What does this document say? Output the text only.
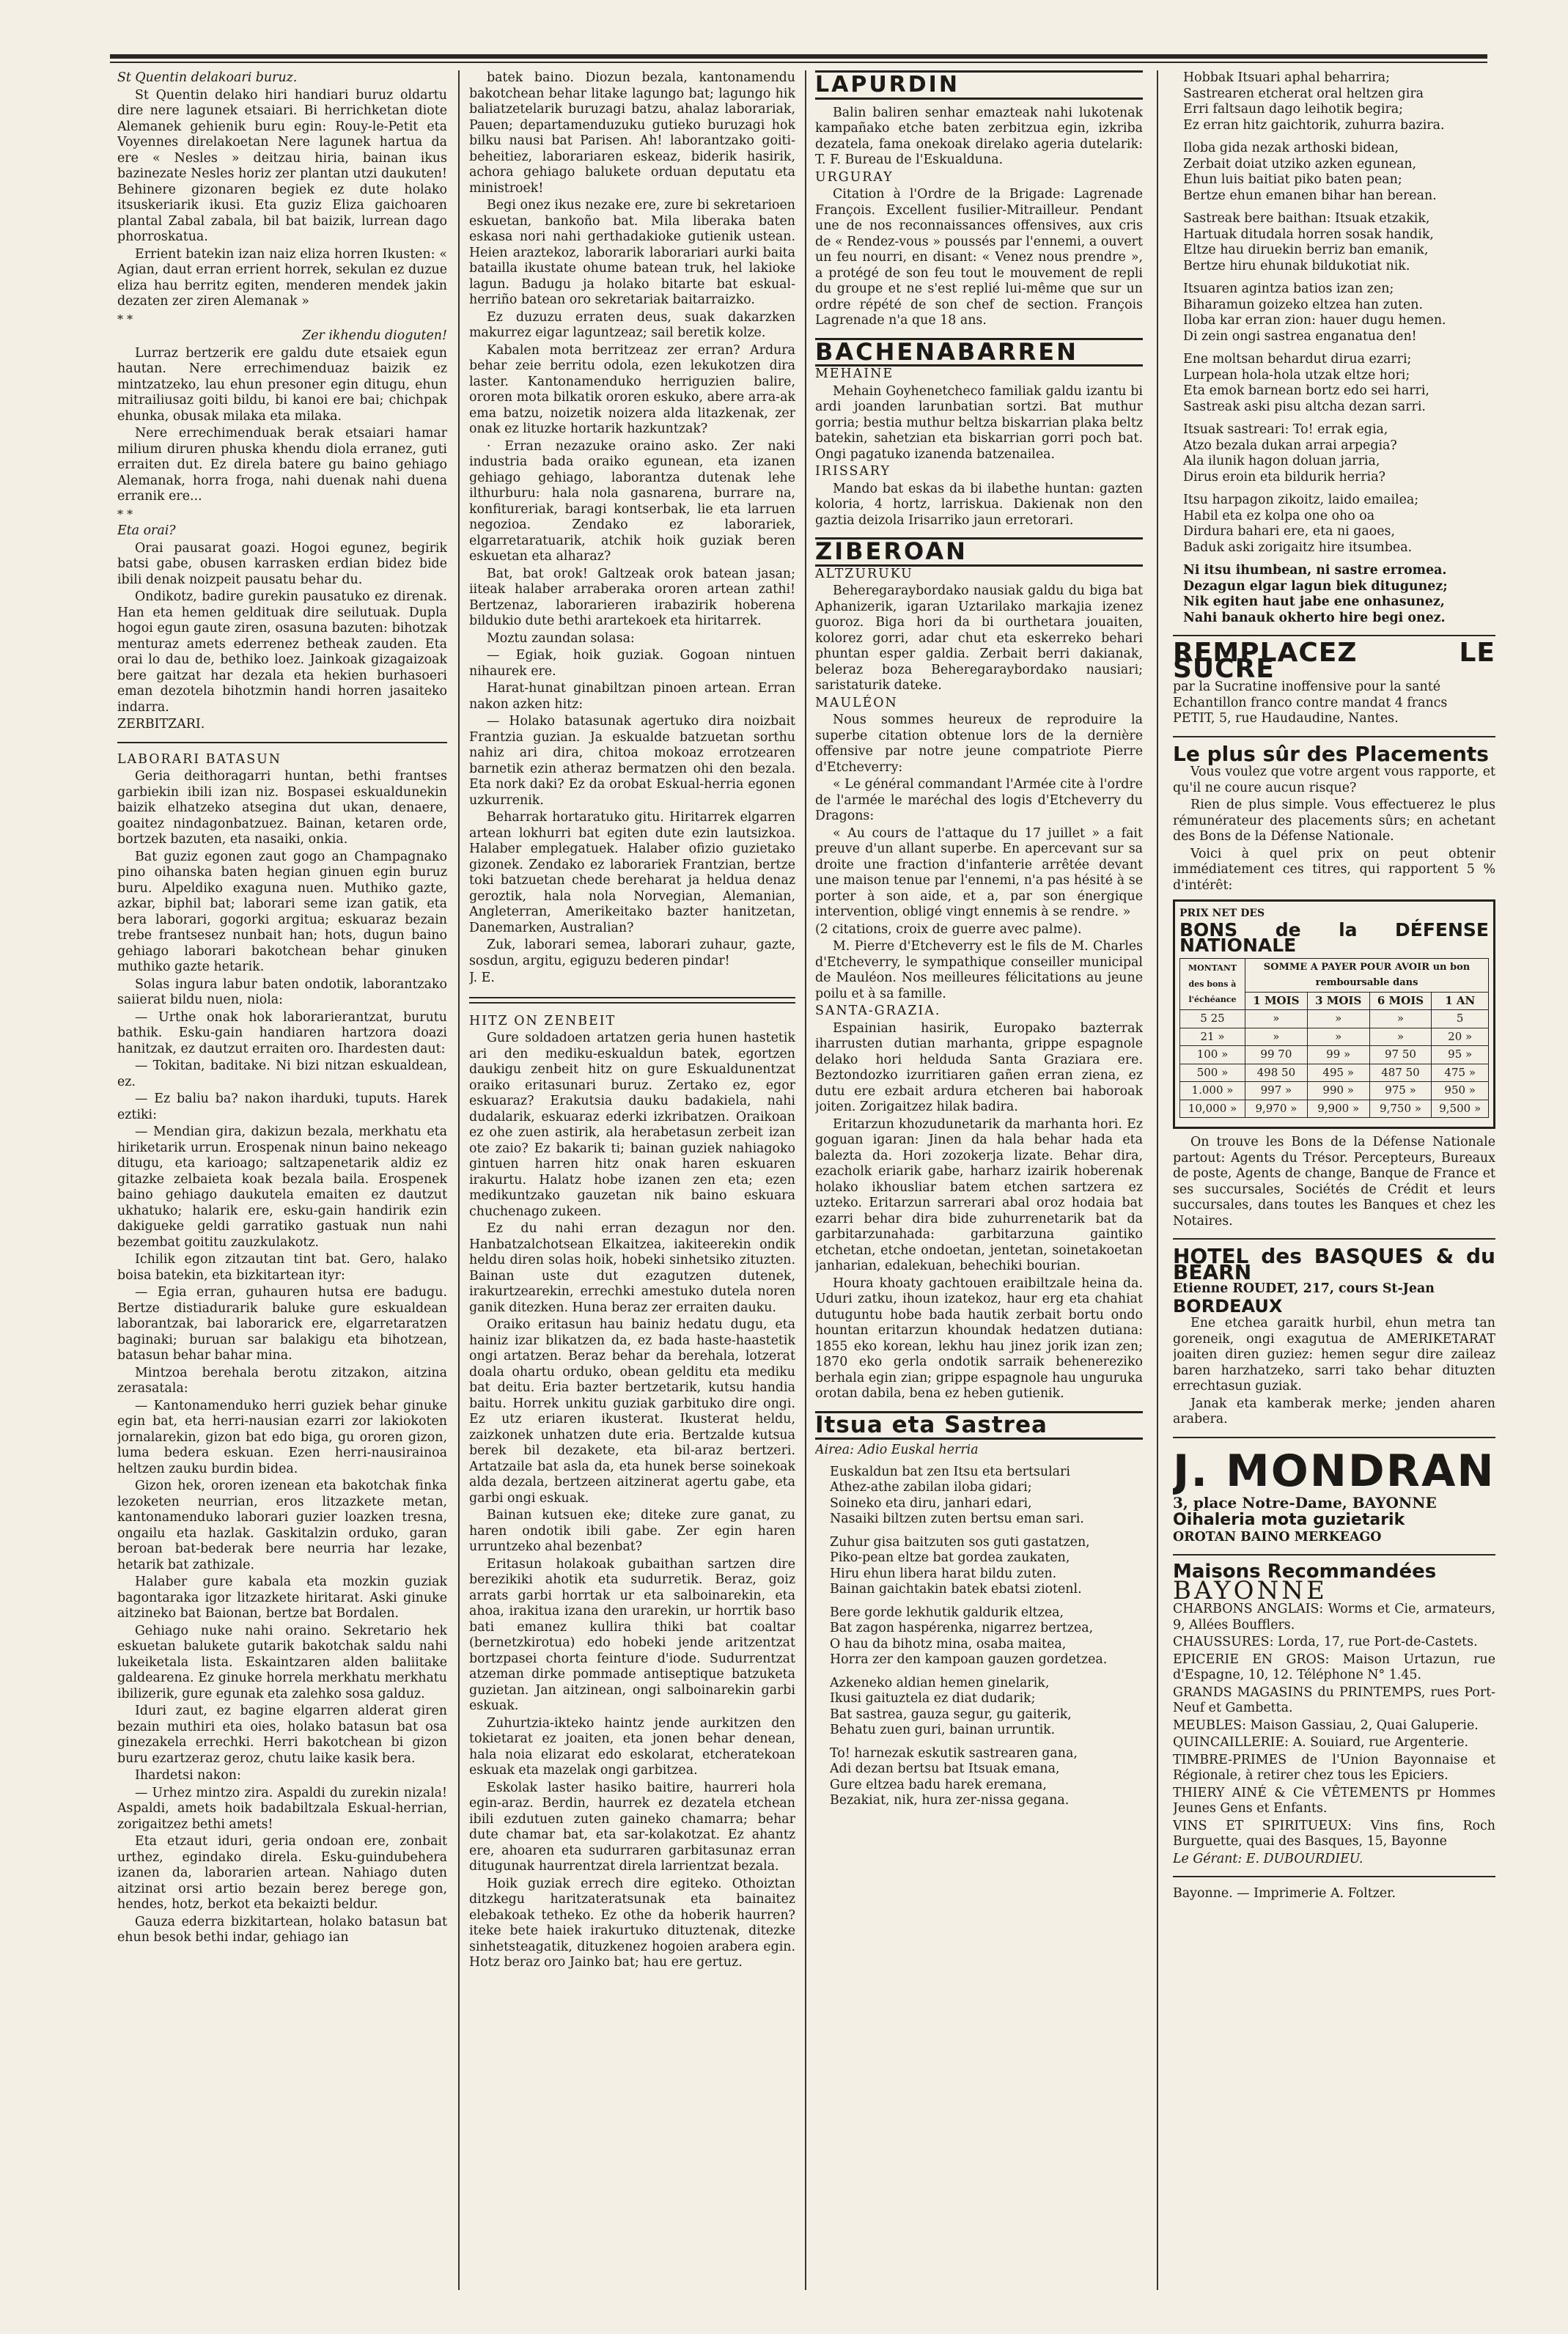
St Quentin delakoari buruz.

St Quentin delako hiri handiari buruz oldartu dire nere lagunek etsaiari. Bi herrichketan diote Alemanek gehienik buru egin: Rouy-le-Petit eta Voyennes direlakoetan Nere lagunek hartua da ere « Nesles » deitzau hiria, bainan ikus bazinezate Nesles horiz zer plantan utzi daukuten! Behinere gizonaren begiek ez dute holako itsuskeriarik ikusi. Eta guziz Eliza gaichoaren plantal Zabal zabala, bil bat baizik, lurrean dago phorroskatua.

Errient batekin izan naiz eliza horren Ikusten: « Agian, daut erran errient horrek, sekulan ez duzue eliza hau berritz egiten, menderen mendek jakin dezaten zer ziren Alemanak »

* *

Zer ikhendu dioguten!

Lurraz bertzerik ere galdu dute etsaiek egun hautan. Nere errechimenduaz baizik ez mintzatzeko, lau ehun presoner egin ditugu, ehun mitrailiusaz goiti bildu, bi kanoi ere bai; chichpak ehunka, obusak milaka eta milaka.

Nere errechimenduak berak etsaiari hamar milium diruren phuska khendu diola erranez, guti erraiten dut. Ez direla batere gu baino gehiago Alemanak, horra froga, nahi duenak nahi duena erranik ere...

* *

Eta orai?

Orai pausarat goazi. Hogoi egunez, begirik batsi gabe, obusen karrasken erdian bidez bide ibili denak noizpeit pausatu behar du.

Ondikotz, badire gurekin pausatuko ez direnak. Han eta hemen geldituak dire seilutuak. Dupla hogoi egun gaute ziren, osasuna bazuten: bihotzak menturaz amets ederrenez betheak zauden. Eta orai lo dau de, bethiko loez. Jainkoak gizagaizoak bere gaitzat har dezala eta hekien burhasoeri eman dezotela bihotzmin handi horren jasaiteko indarra.

ZERBITZARI.

LABORARI BATASUN

Geria deithoragarri huntan, bethi frantses garbiekin ibili izan niz. Bospasei eskualdunekin baizik elhatzeko atsegina dut ukan, denaere, goaitez nindagonbatzuez. Bainan, ketaren orde, bortzek bazuten, eta nasaiki, onkia.

Bat guziz egonen zaut gogo an Champagnako pino oihanska baten hegian ginuen egin buruz buru. Alpeldiko exaguna nuen. Muthiko gazte, azkar, biphil bat; laborari seme izan gatik, eta bera laborari, gogorki argitua; eskuaraz bezain trebe frantsesez nunbait han; hots, dugun baino gehiago laborari bakotchean behar ginuken muthiko gazte hetarik.

Solas ingura labur baten ondotik, laborantzako saiierat bildu nuen, niola:

— Urthe onak hok laborarierantzat, burutu bathik. Esku-gain handiaren hartzora doazi hanitzak, ez dautzut erraiten oro. Ihardesten daut:

— Tokitan, baditake. Ni bizi nitzan eskualdean, ez.

— Ez baliu ba? nakon iharduki, tuputs. Harek eztiki:

— Mendian gira, dakizun bezala, merkhatu eta hiriketarik urrun. Erospenak ninun baino nekeago ditugu, eta karioago; saltzapenetarik aldiz ez gitazke zelbaieta koak bezala baila. Erospenek baino gehiago daukutela emaiten ez dautzut ukhatuko; halarik ere, esku-gain handirik ezin dakigueke geldi garratiko gastuak nun nahi bezembat goititu zauzkulakotz.

Ichilik egon zitzautan tint bat. Gero, halako boisa batekin, eta bizkitartean ityr:

— Egia erran, guhauren hutsa ere badugu. Bertze distiadurarik baluke gure eskualdean laborantzak, bai laborarick ere, elgarretaratzen baginaki; buruan sar balakigu eta bihotzean, batasun behar bahar mina.

Mintzoa berehala berotu zitzakon, aitzina zerasatala:

— Kantonamenduko herri guziek behar ginuke egin bat, eta herri-nausian ezarri zor lakiokoten jornalarekin, gizon bat edo biga, gu ororen gizon, luma bedera eskuan. Ezen herri-nausirainoa heltzen zauku burdin bidea.

Gizon hek, ororen izenean eta bakotchak finka lezoketen neurrian, eros litzazkete metan, kantonamenduko laborari guzier loazken tresna, ongailu eta hazlak. Gaskitalzin orduko, garan beroan bat-bederak bere neurria har lezake, hetarik bat zathizale.

Halaber gure kabala eta mozkin guziak bagontaraka igor litzazkete hiritarat. Aski ginuke aitzineko bat Baionan, bertze bat Bordalen.

Gehiago nuke nahi oraino. Sekretario hek eskuetan balukete gutarik bakotchak saldu nahi lukeiketala lista. Eskaintzaren alden baliitake galdearena. Ez ginuke horrela merkhatu merkhatu ibilizerik, gure egunak eta zalehko sosa galduz.

Iduri zaut, ez bagine elgarren alderat giren bezain muthiri eta oies, holako batasun bat osa ginezakela errechki. Herri bakotchean bi gizon buru ezartzeraz geroz, chutu laike kasik bera.

Ihardetsi nakon:

— Urhez mintzo zira. Aspaldi du zurekin nizala! Aspaldi, amets hoik badabiltzala Eskual-herrian, zorigaitzez bethi amets!

Eta etzaut iduri, geria ondoan ere, zonbait urthez, egindako direla. Esku-guindubehera izanen da, laborarien artean. Nahiago duten aitzinat orsi artio bezain berez berege gon, hendes, hotz, berkot eta bekaizti beldur.

Gauza ederra bizkitartean, holako batasun bat ehun besok bethi indar, gehiago ian

batek baino. Diozun bezala, kantonamendu bakotchean behar litake lagungo bat; lagungo hik baliatzetelarik buruzagi batzu, ahalaz laborariak, Pauen; departamenduzuku gutieko buruzagi hok bilku nausi bat Parisen. Ah! laborantzako goiti-beheitiez, laborariaren eskeaz, biderik hasirik, achora gehiago balukete orduan deputatu eta ministroek!

Begi onez ikus nezake ere, zure bi sekretarioen eskuetan, bankoño bat. Mila liberaka baten eskasa nori nahi gerthadakioke gutienik ustean. Heien araztekoz, laborarik laborariari aurki baita batailla ikustate ohume batean truk, hel lakioke lagun. Badugu ja holako bitarte bat eskual-herriño batean oro sekretariak baitarraizko.

Ez duzuzu erraten deus, suak dakarzken makurrez eigar laguntzeaz; sail beretik kolze.

Kabalen mota berritzeaz zer erran? Ardura behar zeie berritu odola, ezen lekukotzen dira laster. Kantonamenduko herriguzien balire, ororen mota bilkatik ororen eskuko, abere arra-ak ema batzu, noizetik noizera alda litazkenak, zer onak ez lituzke hortarik hazkuntzak?

· Erran nezazuke oraino asko. Zer naki industria bada oraiko egunean, eta izanen gehiago gehiago, laborantza dutenak lehe ilthurburu: hala nola gasnarena, burrare na, konfitureriak, baragi kontserbak, lie eta larruen negozioa. Zendako ez laborariek, elgarretaratuarik, atchik hoik guziak beren eskuetan eta alharaz?

Bat, bat orok! Galtzeak orok batean jasan; iiteak halaber arraberaka ororen artean zathi! Bertzenaz, laborarieren irabazirik hoberena bildukio dute bethi arartekoek eta hiritarrek.

Moztu zaundan solasa:

— Egiak, hoik guziak. Gogoan nintuen nihaurek ere.

Harat-hunat ginabiltzan pinoen artean. Erran nakon azken hitz:

— Holako batasunak agertuko dira noizbait Frantzia guzian. Ja eskualde batzuetan sorthu nahiz ari dira, chitoa mokoaz errotzearen barnetik ezin atheraz bermatzen ohi den bezala. Eta nork daki? Ez da orobat Eskual-herria egonen uzkurrenik.

Beharrak hortaratuko gitu. Hiritarrek elgarren artean lokhurri bat egiten dute ezin lautsizkoa. Halaber emplegatuek. Halaber ofizio guzietako gizonek. Zendako ez laborariek Frantzian, bertze toki batzuetan chede bereharat ja heldua denaz geroztik, hala nola Norvegian, Alemanian, Angleterran, Amerikeitako bazter hanitzetan, Danemarken, Australian?

Zuk, laborari semea, laborari zuhaur, gazte, sosdun, argitu, egiguzu bederen pindar!

J. E.

HITZ ON ZENBEIT

Gure soldadoen artatzen geria hunen hastetik ari den mediku-eskualdun batek, egortzen daukigu zenbeit hitz on gure Eskualdunentzat oraiko eritasunari buruz. Zertako ez, egor eskuaraz? Erakutsia dauku badakiela, nahi dudalarik, eskuaraz ederki izkribatzen. Oraikoan ez ohe zuen astirik, ala herabetasun zerbeit izan ote zaio? Ez bakarik ti; bainan guziek nahiagoko gintuen harren hitz onak haren eskuaren irakurtu. Halatz hobe izanen zen eta; ezen medikuntzako gauzetan nik baino eskuara chuchenago zukeen.

Ez du nahi erran dezagun nor den. Hanbatzalchotsean Elkaitzea, iakiteerekin ondik heldu diren solas hoik, hobeki sinhetsiko zituzten. Bainan uste dut ezagutzen dutenek, irakurtzearekin, errechki amestuko dutela noren ganik ditezken. Huna beraz zer erraiten dauku.

Oraiko eritasun hau bainiz hedatu dugu, eta hainiz izar blikatzen da, ez bada haste-haastetik ongi artatzen. Beraz behar da berehala, lotzerat doala ohartu orduko, obean gelditu eta mediku bat deitu. Eria bazter bertzetarik, kutsu handia baitu. Horrek unkitu guziak garbituko dire ongi. Ez utz eriaren ikusterat. Ikusterat heldu, zaizkonek unhatzen dute eria. Bertzalde kutsua berek bil dezakete, eta bil-araz bertzeri. Artatzaile bat asla da, eta hunek berse soinekoak alda dezala, bertzeen aitzinerat agertu gabe, eta garbi ongi eskuak.

Bainan kutsuen eke; diteke zure ganat, zu haren ondotik ibili gabe. Zer egin haren urruntzeko ahal bezenbat?

Eritasun holakoak gubaithan sartzen dire berezikiki ahotik eta sudurretik. Beraz, goiz arrats garbi horrtak ur eta salboinarekin, eta ahoa, irakitua izana den urarekin, ur horrtik baso bati emanez kullira thiki bat coaltar (bernetzkirotua) edo hobeki jende aritzentzat bortzpasei chorta feinture d'iode. Sudurrentzat atzeman dirke pommade antiseptique batzuketa guzietan. Jan aitzinean, ongi salboinarekin garbi eskuak.

Zuhurtzia-ikteko haintz jende aurkitzen den tokietarat ez joaiten, eta jonen behar denean, hala noia elizarat edo eskolarat, etcheratekoan eskuak eta mazelak ongi garbitzea.

Eskolak laster hasiko baitire, haurreri hola egin-araz. Berdin, haurrek ez dezatela etchean ibili ezdutuen zuten gaineko chamarra; behar dute chamar bat, eta sar-kolakotzat. Ez ahantz ere, ahoaren eta sudurraren garbitasunaz erran ditugunak haurrentzat direla larrientzat bezala.

Hoik guziak errech dire egiteko. Othoiztan ditzkegu haritzateratsunak eta bainaitez elebakoak tetheko. Ez othe da hoberik haurren? iteke bete haiek irakurtuko dituztenak, ditezke sinhetsteagatik, dituzkenez hogoien arabera egin. Hotz beraz oro Jainko bat; hau ere gertuz.

LAPURDIN

Balin baliren senhar emazteak nahi lukotenak kampañako etche baten zerbitzua egin, izkriba dezatela, fama onekoak direlako ageria dutelarik: T. F. Bureau de l'Eskualduna.

URGURAY

Citation à l'Ordre de la Brigade: Lagrenade François. Excellent fusilier-Mitrailleur. Pendant une de nos reconnaissances offensives, aux cris de « Rendez-vous » poussés par l'ennemi, a ouvert un feu nourri, en disant: « Venez nous prendre », a protégé de son feu tout le mouvement de repli du groupe et ne s'est replié lui-même que sur un ordre répété de son chef de section. François Lagrenade n'a que 18 ans.

BACHENABARREN

MEHAINE

Mehain Goyhenetcheco familiak galdu izantu bi ardi joanden larunbatian sortzi. Bat muthur gorria; bestia muthur beltza biskarrian plaka beltz batekin, sahetzian eta biskarrian gorri poch bat. Ongi pagatuko izanenda batzenailea.

IRISSARY

Mando bat eskas da bi ilabethe huntan: gazten koloria, 4 hortz, larriskua. Dakienak non den gaztia deizola Irisarriko jaun erretorari.

ZIBEROAN

ALTZURUKU

Beheregaraybordako nausiak galdu du biga bat Aphanizerik, igaran Uztarilako markajia izenez guoroz. Biga hori da bi ourthetara jouaiten, kolorez gorri, adar chut eta eskerreko behari phuntan esper galdia. Zerbait berri dakianak, beleraz boza Beheregaraybordako nausiari; saristaturik dateke.

MAULÉON

Nous sommes heureux de reproduire la superbe citation obtenue lors de la dernière offensive par notre jeune compatriote Pierre d'Etcheverry:

« Le général commandant l'Armée cite à l'ordre de l'armée le maréchal des logis d'Etcheverry du Dragons:

« Au cours de l'attaque du 17 juillet » a fait preuve d'un allant superbe. En apercevant sur sa droite une fraction d'infanterie arrêtée devant une maison tenue par l'ennemi, n'a pas hésité à se porter à son aide, et a, par son énergique intervention, obligé vingt ennemis à se rendre. »

(2 citations, croix de guerre avec palme).

M. Pierre d'Etcheverry est le fils de M. Charles d'Etcheverry, le sympathique conseiller municipal de Mauléon. Nos meilleures félicitations au jeune poilu et à sa famille.

SANTA-GRAZIA.

Espainian hasirik, Europako bazterrak iharrusten dutian marhanta, grippe espagnole delako hori helduda Santa Graziara ere. Beztondozko izurritiaren gañen erran ziena, ez dutu ere ezbait ardura etcheren bai haboroak joiten. Zorigaitzez hilak badira.

Eritarzun khozudunetarik da marhanta hori. Ez goguan igaran: Jinen da hala behar hada eta balezta da. Hori zozokerja lizate. Behar dira, ezacholk eriarik gabe, harharz izairik hoberenak holako ikhousliar batem etchen sartzera ez uzteko. Eritarzun sarrerari abal oroz hodaia bat ezarri behar dira bide zuhurrenetarik bat da garbitarzunahada: garbitarzuna gaintiko etchetan, etche ondoetan, jentetan, soinetakoetan janharian, edalekuan, behechiki bourian.

Houra khoaty gachtouen eraibiltzale heina da. Uduri zatku, ihoun izatekoz, haur erg eta chahiat dutuguntu hobe bada hautik zerbait bortu ondo hountan eritarzun khoundak hedatzen dutiana: 1855 eko korean, lekhu hau jinez jorik izan zen; 1870 eko gerla ondotik sarraik behenereziko berhala egin zian; grippe espagnole hau unguruka orotan dabila, bena ez heben gutienik.

Itsua eta Sastrea

Airea: Adio Euskal herria

Euskaldun bat zen Itsu eta bertsulari
Athez-athe zabilan iloba gidari;
Soineko eta diru, janhari edari,
Nasaiki biltzen zuten bertsu eman sari.

Zuhur gisa baitzuten sos guti gastatzen,
Piko-pean eltze bat gordea zaukaten,
Hiru ehun libera harat bildu zuten.
Bainan gaichtakin batek ebatsi ziotenl.

Bere gorde lekhutik galdurik eltzea,
Bat zagon haspérenka, nigarrez bertzea,
O hau da bihotz mina, osaba maitea,
Horra zer den kampoan gauzen gordetzea.

Azkeneko aldian hemen ginelarik,
Ikusi gaituztela ez diat dudarik;
Bat sastrea, gauza segur, gu gaiterik,
Behatu zuen guri, bainan urruntik.

To! harnezak eskutik sastrearen gana,
Adi dezan bertsu bat Itsuak emana,
Gure eltzea badu harek eremana,
Bezakiat, nik, hura zer-nissa gegana.

Hobbak Itsuari aphal beharrira;
Sastrearen etcherat oral heltzen gira
Erri faltsaun dago leihotik begira;
Ez erran hitz gaichtorik, zuhurra bazira.

Iloba gida nezak arthoski bidean,
Zerbait doiat utziko azken egunean,
Ehun luis baitiat piko baten pean;
Bertze ehun emanen bihar han berean.

Sastreak bere baithan: Itsuak etzakik,
Hartuak ditudala horren sosak handik,
Eltze hau diruekin berriz ban emanik,
Bertze hiru ehunak bildukotiat nik.

Itsuaren agintza batios izan zen;
Biharamun goizeko eltzea han zuten.
Iloba kar erran zion: hauer dugu hemen.
Di zein ongi sastrea enganatua den!

Ene moltsan behardut dirua ezarri;
Lurpean hola-hola utzak eltze hori;
Eta emok barnean bortz edo sei harri,
Sastreak aski pisu altcha dezan sarri.

Itsuak sastreari: To! errak egia,
Atzo bezala dukan arrai arpegia?
Ala ilunik hagon doluan jarria,
Dirus eroin eta bildurik herria?

Itsu harpagon zikoitz, laido emailea;
Habil eta ez kolpa one oho oa
Dirdura bahari ere, eta ni gaoes,
Baduk aski zorigaitz hire itsumbea.

Ni itsu ihumbean, ni sastre erromea.
Dezagun elgar lagun biek ditugunez;
Nik egiten haut jabe ene onhasunez,
Nahi banauk okherto hire begi onez.

REMPLACEZ LE SUCRE

par la Sucratine inoffensive pour la santé
Echantillon franco contre mandat 4 francs
PETIT, 5, rue Haudaudine, Nantes.

Le plus sûr des Placements

Vous voulez que votre argent vous rapporte, et qu'il ne coure aucun risque?

Rien de plus simple. Vous effectuerez le plus rémunérateur des placements sûrs; en achetant des Bons de la Défense Nationale.

Voici à quel prix on peut obtenir immédiatement ces titres, qui rapportent 5 % d'intérêt:

PRIX NET DES

BONS de la DÉFENSE NATIONALE

MONTANT des bons à l'échéance	SOMME A PAYER POUR AVOIR un bon remboursable dans			
	1 MOIS	3 MOIS	6 MOIS	1 AN
5 25	»	»	»	5
21 »	»	»	»	20 »
100 »	99 70	99 »	97 50	95 »
500 »	498 50	495 »	487 50	475 »
1.000 »	997 »	990 »	975 »	950 »
10,000 »	9,970 »	9,900 »	9,750 »	9,500 »

On trouve les Bons de la Défense Nationale partout: Agents du Trésor. Percepteurs, Bureaux de poste, Agents de change, Banque de France et ses succursales, Sociétés de Crédit et leurs succursales, dans toutes les Banques et chez les Notaires.

HOTEL des BASQUES & du BEARN

Etienne ROUDET, 217, cours St-Jean

BORDEAUX

Ene etchea garaitk hurbil, ehun metra tan goreneik, ongi exagutua de AMERIKETARAT joaiten diren guziez: hemen segur dire zaileaz baren harzhatzeko, sarri tako behar dituzten errechtasun guziak.

Janak eta kamberak merke; jenden aharen arabera.

J. MONDRAN

3, place Notre-Dame, BAYONNE

Oihaleria mota guzietarik

OROTAN BAINO MERKEAGO

Maisons Recommandées

BAYONNE

CHARBONS ANGLAIS: Worms et Cie, armateurs, 9, Allées Boufflers.

CHAUSSURES: Lorda, 17, rue Port-de-Castets.

EPICERIE EN GROS: Maison Urtazun, rue d'Espagne, 10, 12. Téléphone N° 1.45.

GRANDS MAGASINS du PRINTEMPS, rues Port-Neuf et Gambetta.

MEUBLES: Maison Gassiau, 2, Quai Galuperie.

QUINCAILLERIE: A. Souiard, rue Argenterie.

TIMBRE-PRIMES de l'Union Bayonnaise et Régionale, à retirer chez tous les Epiciers.

THIERY AINÉ & Cie VÊTEMENTS pr Hommes Jeunes Gens et Enfants.

VINS ET SPIRITUEUX: Vins fins, Roch Burguette, quai des Basques, 15, Bayonne

Le Gérant: E. DUBOURDIEU.

Bayonne. — Imprimerie A. Foltzer.
